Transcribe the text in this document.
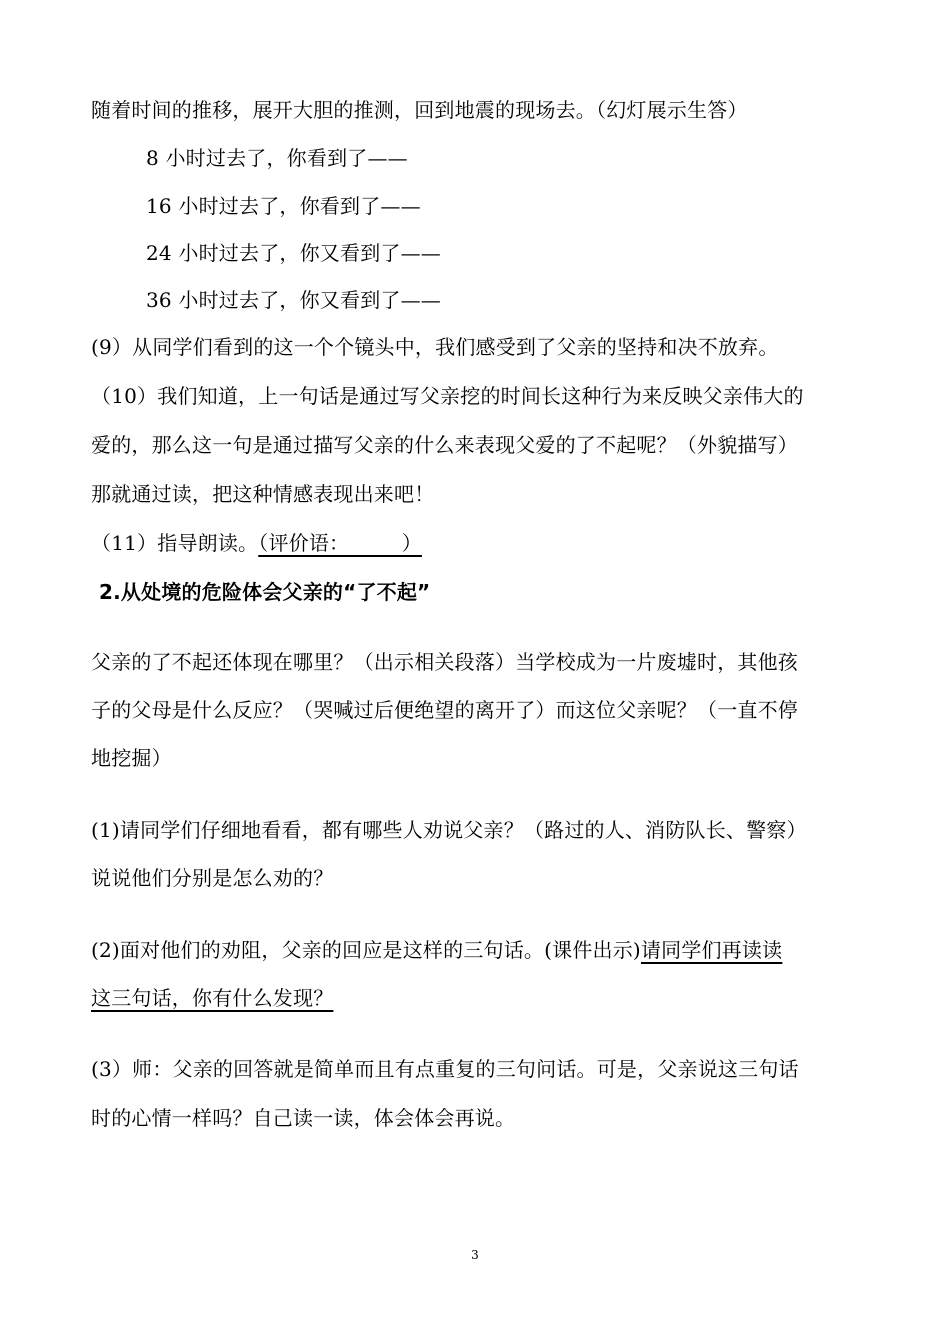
随着时间的推移，展开大胆的推测，回到地震的现场去。（幻灯展示生答）
8 小时过去了，你看到了——
16 小时过去了，你看到了——
24 小时过去了，你又看到了——
36 小时过去了，你又看到了——
(9）从同学们看到的这一个个镜头中，我们感受到了父亲的坚持和决不放弃。
（10）我们知道，上一句话是通过写父亲挖的时间长这种行为来反映父亲伟大的
爱的，那么这一句是通过描写父亲的什么来表现父爱的了不起呢？（外貌描写）
那就通过读，把这种情感表现出来吧！
（11）指导朗读。（评价语：        ）
2.从处境的危险体会父亲的“了不起”
父亲的了不起还体现在哪里？（出示相关段落）当学校成为一片废墟时，其他孩
子的父母是什么反应？（哭喊过后便绝望的离开了）而这位父亲呢？（一直不停
地挖掘）
(1)请同学们仔细地看看，都有哪些人劝说父亲？（路过的人、消防队长、警察）
说说他们分别是怎么劝的？
(2)面对他们的劝阻，父亲的回应是这样的三句话。(课件出示)请同学们再读读
这三句话，你有什么发现？
(3）师：父亲的回答就是简单而且有点重复的三句问话。可是，父亲说这三句话
时的心情一样吗？自己读一读，体会体会再说。
3
